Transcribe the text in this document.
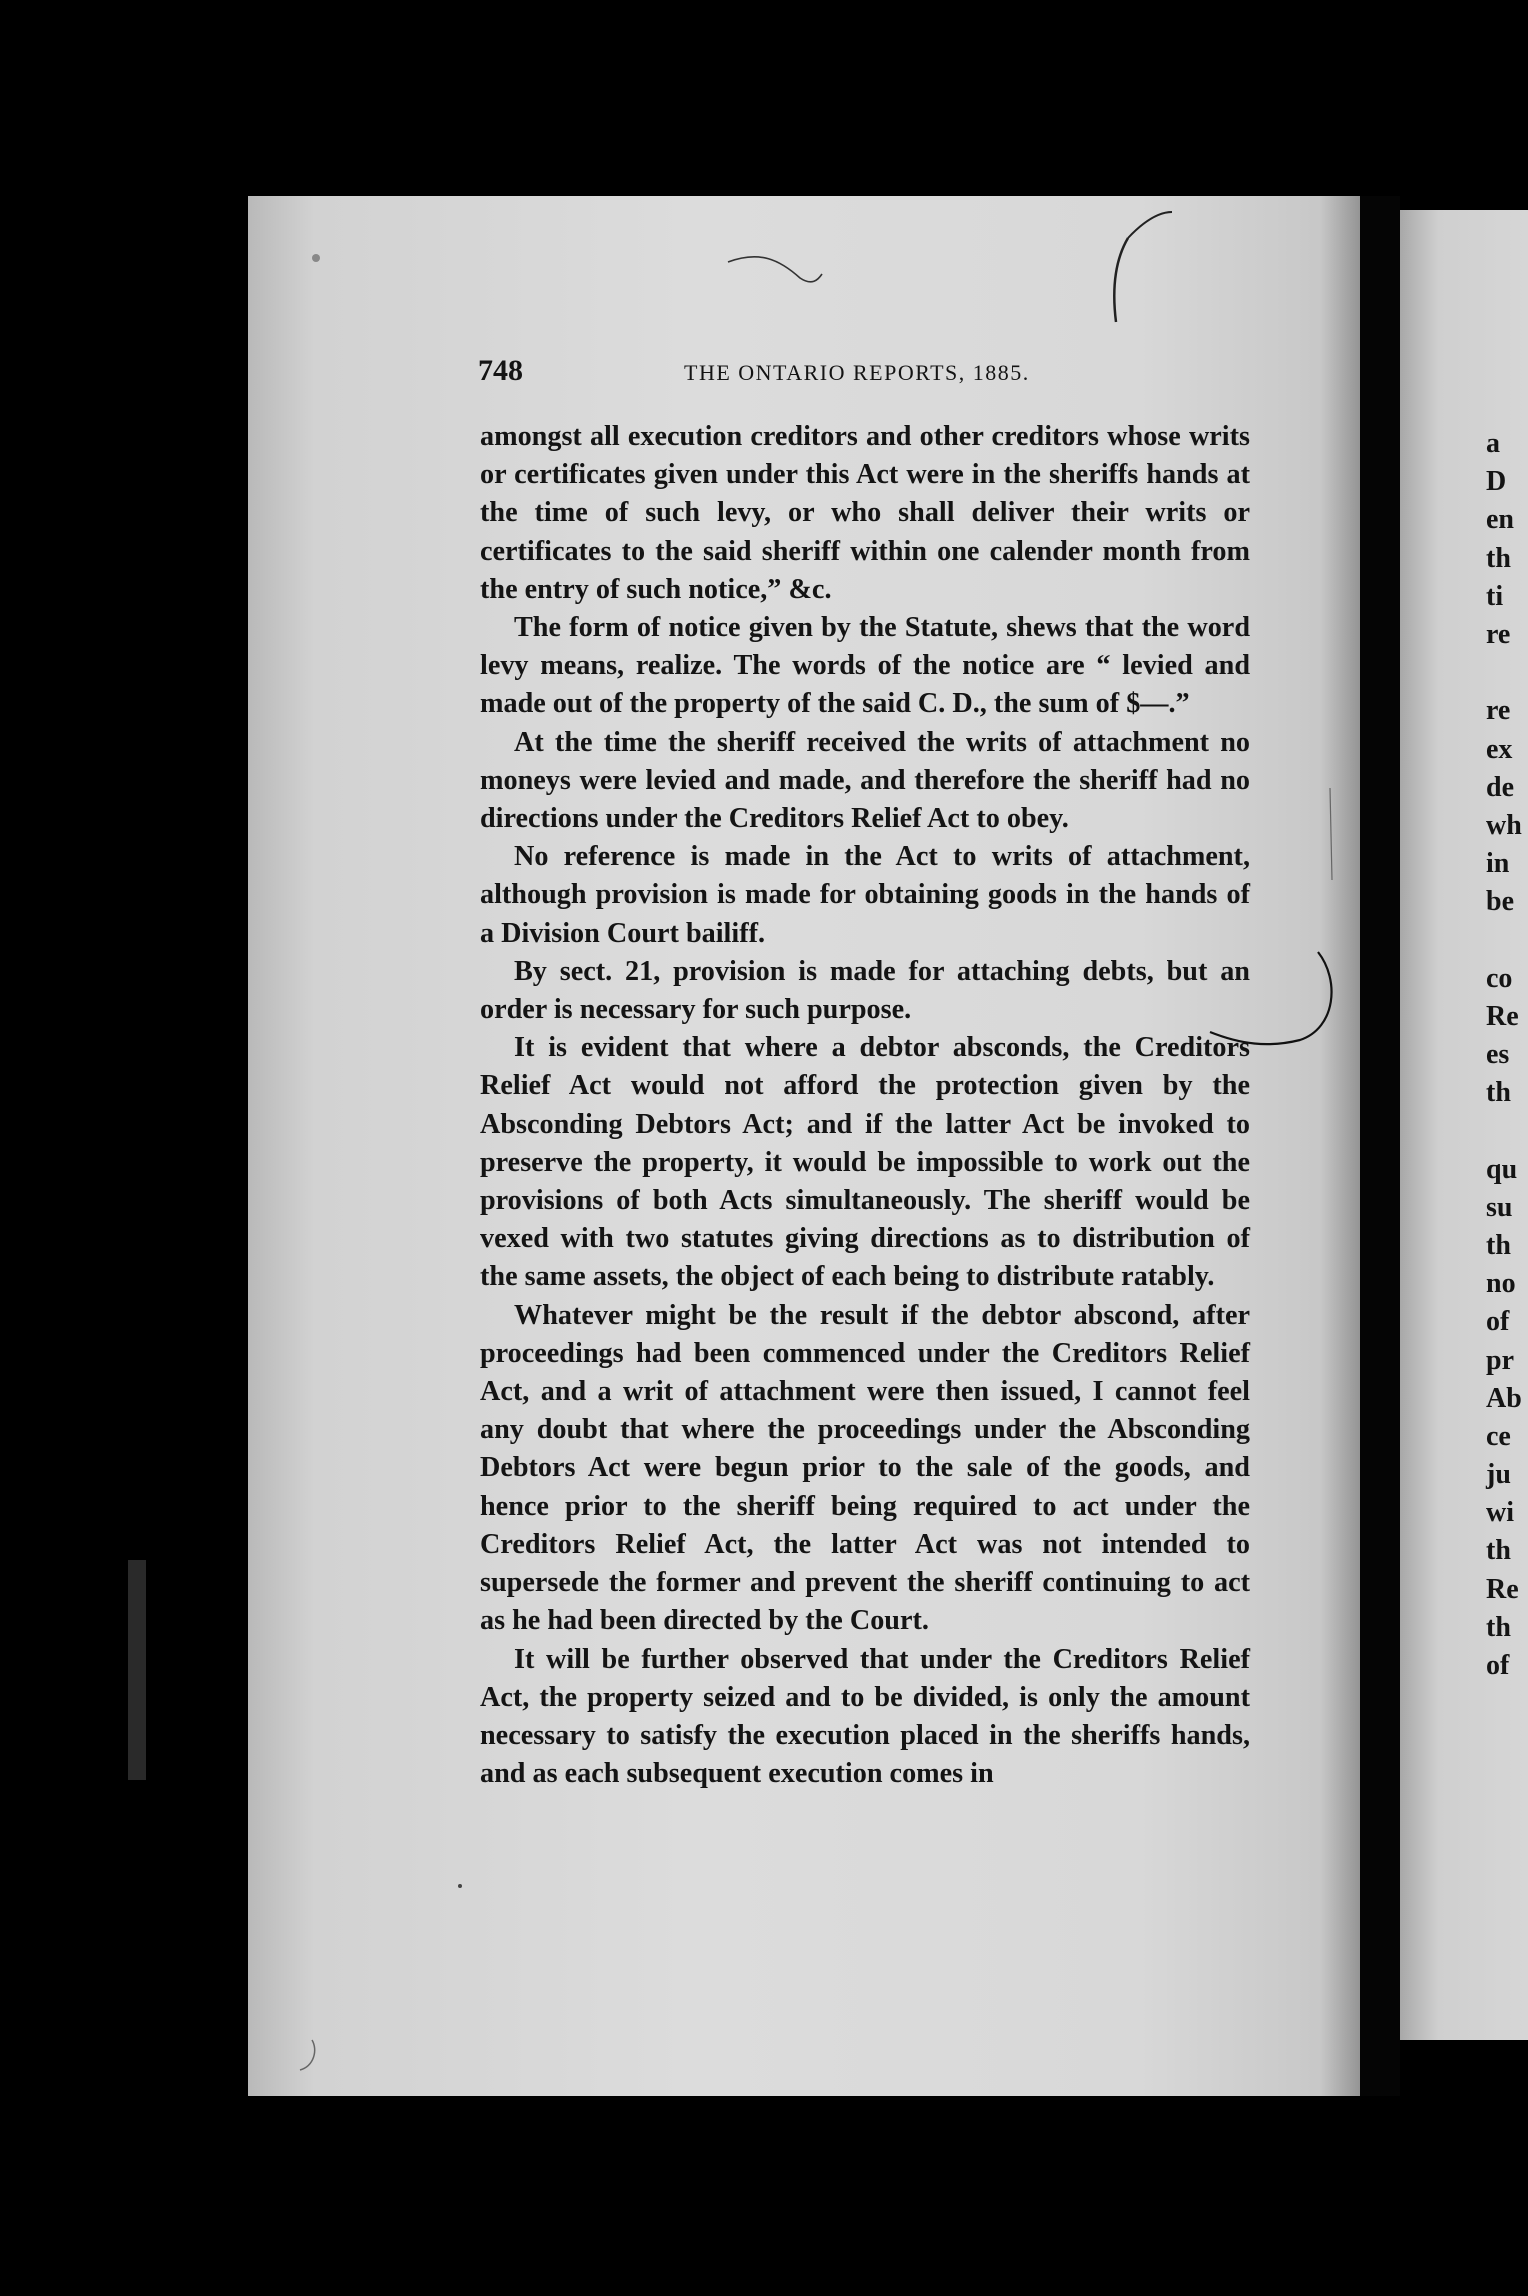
748	THE ONTARIO REPORTS, 1885.

amongst all execution creditors and other creditors whose writs or certificates given under this Act were in the sheriffs hands at the time of such levy, or who shall deliver their writs or certificates to the said sheriff within one calender month from the entry of such notice,” &c.

The form of notice given by the Statute, shews that the word levy means, realize. The words of the notice are “ levied and made out of the property of the said C. D., the sum of $—.”

At the time the sheriff received the writs of attachment no moneys were levied and made, and therefore the sheriff had no directions under the Creditors Relief Act to obey.

No reference is made in the Act to writs of attachment, although provision is made for obtaining goods in the hands of a Division Court bailiff.

By sect. 21, provision is made for attaching debts, but an order is necessary for such purpose.

It is evident that where a debtor absconds, the Creditors Relief Act would not afford the protection given by the Absconding Debtors Act; and if the latter Act be invoked to preserve the property, it would be impossible to work out the provisions of both Acts simultaneously. The sheriff would be vexed with two statutes giving directions as to distribution of the same assets, the object of each being to distribute ratably.

Whatever might be the result if the debtor abscond, after proceedings had been commenced under the Creditors Relief Act, and a writ of attachment were then issued, I cannot feel any doubt that where the proceedings under the Absconding Debtors Act were begun prior to the sale of the goods, and hence prior to the sheriff being required to act under the Creditors Relief Act, the latter Act was not intended to supersede the former and prevent the sheriff continuing to act as he had been directed by the Court.

It will be further observed that under the Creditors Relief Act, the property seized and to be divided, is only the amount necessary to satisfy the execution placed in the sheriffs hands, and as each subsequent execution comes in

a
D
en
th
ti
re
re
ex
de
wh
in
be
co
Re
es
th
qu
su
th
no
of
pr
Ab
ce
ju
wi
th
Re
th
of
